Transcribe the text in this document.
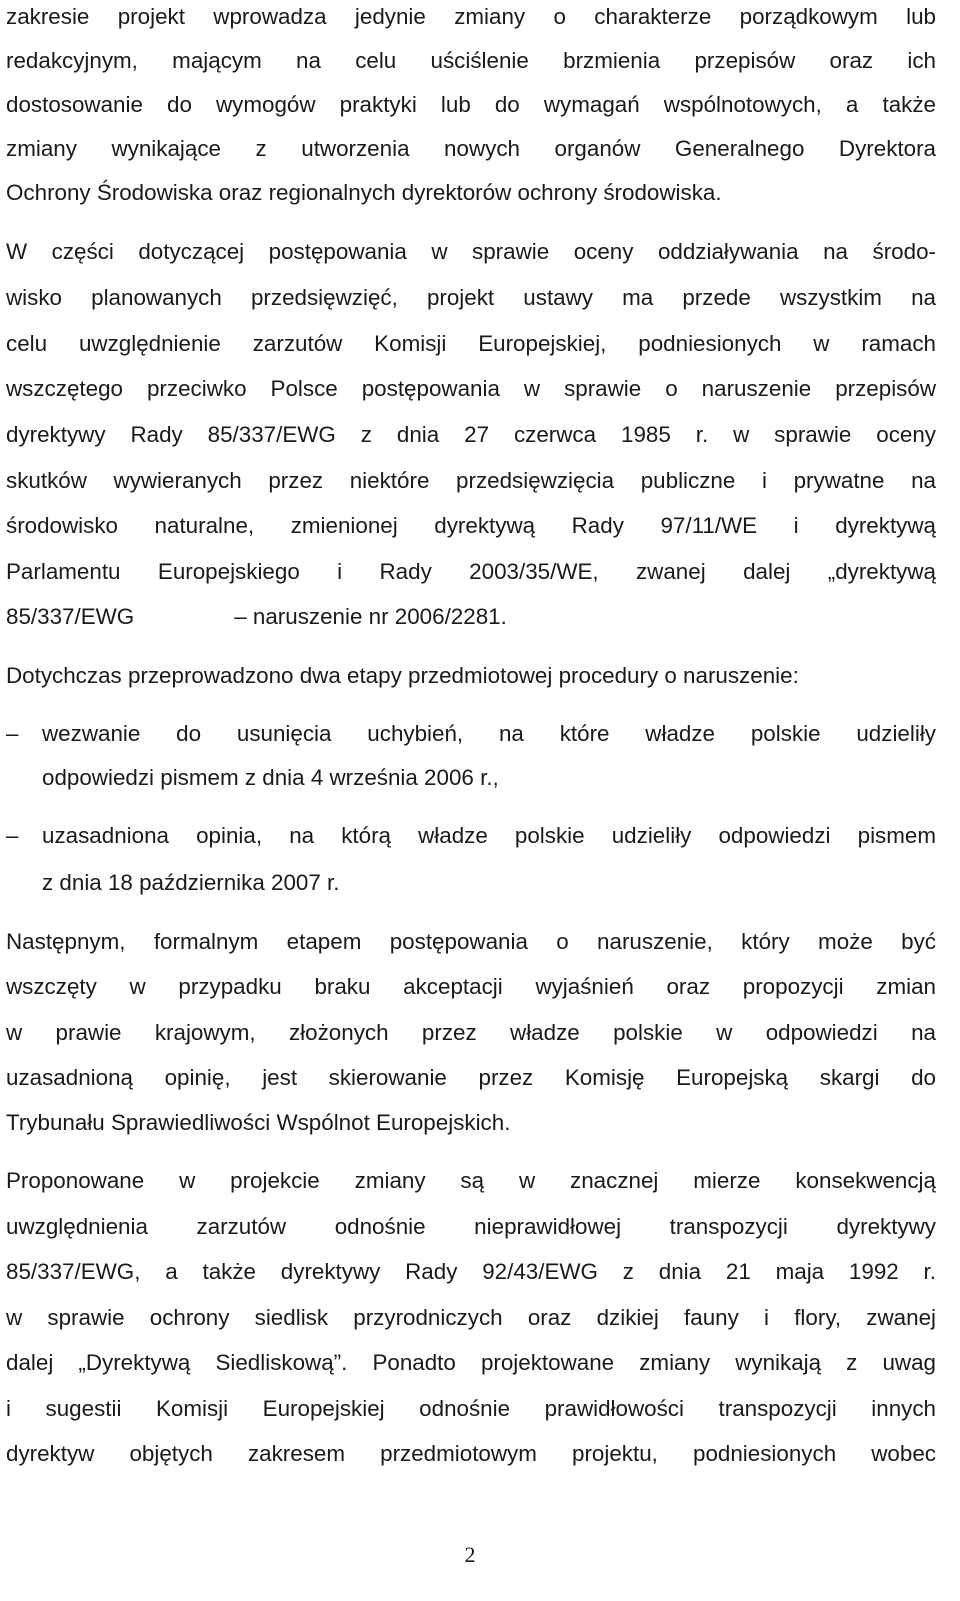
zakresie projekt wprowadza jedynie zmiany o charakterze porządkowym lub
redakcyjnym, mającym na celu uściślenie brzmienia przepisów oraz ich
dostosowanie do wymogów praktyki lub do wymagań wspólnotowych, a także
zmiany wynikające z utworzenia nowych organów Generalnego Dyrektora
Ochrony Środowiska oraz regionalnych dyrektorów ochrony środowiska.
W części dotyczącej postępowania w sprawie oceny oddziaływania na środo-
wisko planowanych przedsięwzięć, projekt ustawy ma przede wszystkim na
celu uwzględnienie zarzutów Komisji Europejskiej, podniesionych w ramach
wszczętego przeciwko Polsce postępowania w sprawie o naruszenie przepisów
dyrektywy Rady 85/337/EWG z dnia 27 czerwca 1985 r. w sprawie oceny
skutków wywieranych przez niektóre przedsięwzięcia publiczne i prywatne na
środowisko naturalne, zmienionej dyrektywą Rady 97/11/WE i dyrektywą
Parlamentu Europejskiego i Rady 2003/35/WE, zwanej dalej „dyrektywą
85/337/EWG	– naruszenie nr 2006/2281.
Dotychczas przeprowadzono dwa etapy przedmiotowej procedury o naruszenie:
– wezwanie do usunięcia uchybień, na które władze polskie udzieliły
odpowiedzi pismem z dnia 4 września 2006 r.,
– uzasadniona opinia, na którą władze polskie udzieliły odpowiedzi pismem
z dnia 18 października 2007 r.
Następnym, formalnym etapem postępowania o naruszenie, który może być
wszczęty w przypadku braku akceptacji wyjaśnień oraz propozycji zmian
w prawie krajowym, złożonych przez władze polskie w odpowiedzi na
uzasadnioną opinię, jest skierowanie przez Komisję Europejską skargi do
Trybunału Sprawiedliwości Wspólnot Europejskich.
Proponowane w projekcie zmiany są w znacznej mierze konsekwencją
uwzględnienia zarzutów odnośnie nieprawidłowej transpozycji dyrektywy
85/337/EWG, a także dyrektywy Rady 92/43/EWG z dnia 21 maja 1992 r.
w sprawie ochrony siedlisk przyrodniczych oraz dzikiej fauny i flory, zwanej
dalej „Dyrektywą Siedliskową”. Ponadto projektowane zmiany wynikają z uwag
i sugestii Komisji Europejskiej odnośnie prawidłowości transpozycji innych
dyrektyw objętych zakresem przedmiotowym projektu, podniesionych wobec
2
